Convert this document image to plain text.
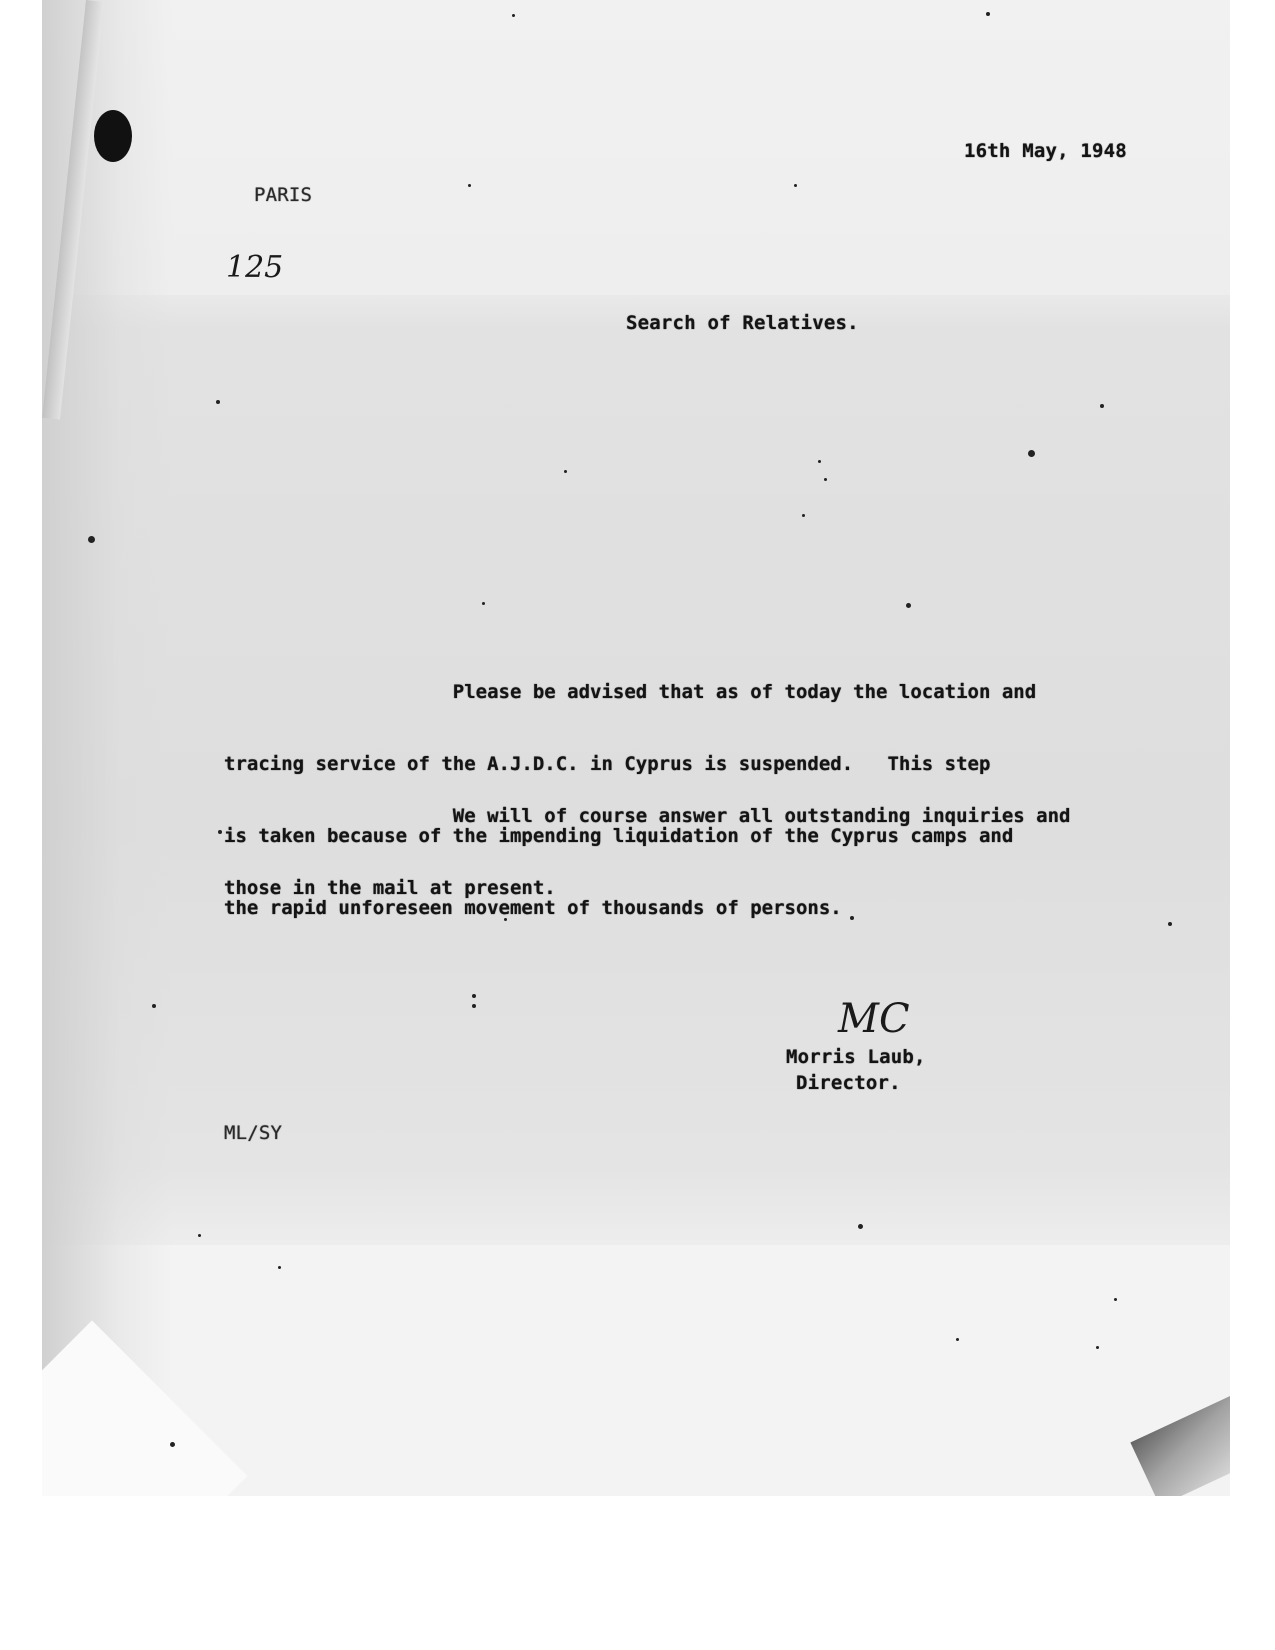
16th May, 1948
PARIS
125
Search of Relatives.

Please be advised that as of today the location and

tracing service of the A.J.D.C. in Cyprus is suspended.   This step

is taken because of the impending liquidation of the Cyprus camps and

the rapid unforeseen movement of thousands of persons.

We will of course answer all outstanding inquiries and

those in the mail at present.

MC
Morris Laub,
Director.
ML/SY
